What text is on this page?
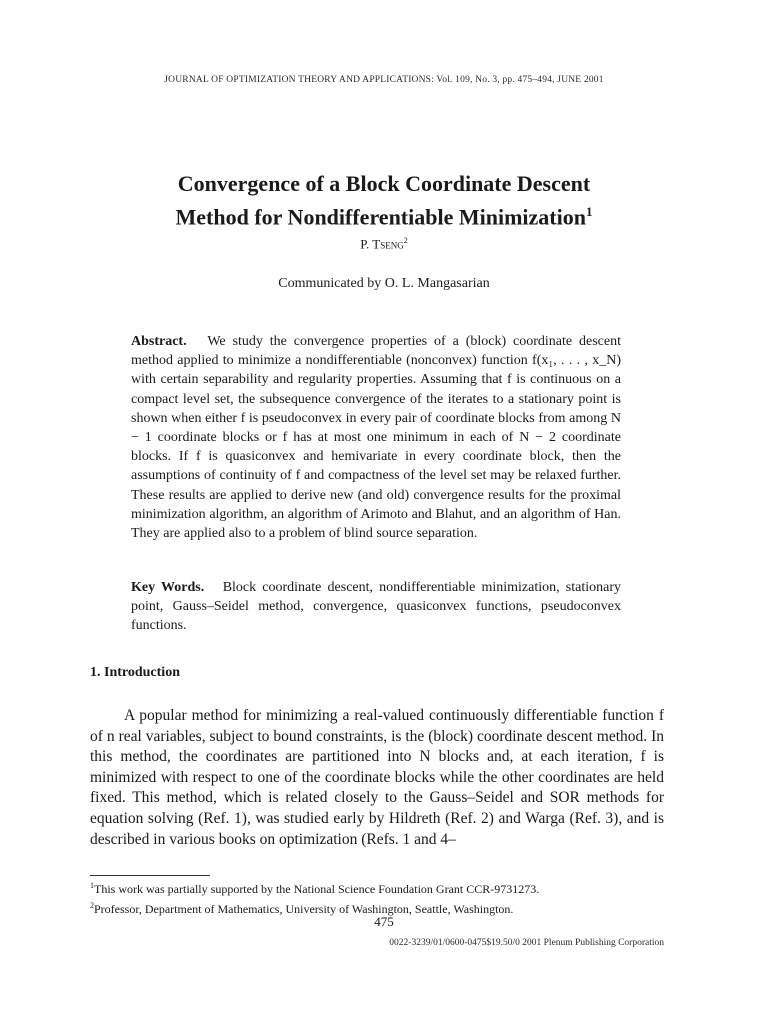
JOURNAL OF OPTIMIZATION THEORY AND APPLICATIONS: Vol. 109, No. 3, pp. 475–494, JUNE 2001
Convergence of a Block Coordinate Descent
Method for Nondifferentiable Minimization$^1$
P. Tseng$^2$
Communicated by O. L. Mangasarian
Abstract. We study the convergence properties of a (block) coordinate descent method applied to minimize a nondifferentiable (nonconvex) function f(x₁, . . . , x_N) with certain separability and regularity properties. Assuming that f is continuous on a compact level set, the subsequence convergence of the iterates to a stationary point is shown when either f is pseudoconvex in every pair of coordinate blocks from among N − 1 coordinate blocks or f has at most one minimum in each of N − 2 coordinate blocks. If f is quasiconvex and hemivariate in every coordinate block, then the assumptions of continuity of f and compactness of the level set may be relaxed further. These results are applied to derive new (and old) convergence results for the proximal minimization algorithm, an algorithm of Arimoto and Blahut, and an algorithm of Han. They are applied also to a problem of blind source separation.
Key Words. Block coordinate descent, nondifferentiable minimization, stationary point, Gauss–Seidel method, convergence, quasiconvex functions, pseudoconvex functions.
1. Introduction
A popular method for minimizing a real-valued continuously differentiable function f of n real variables, subject to bound constraints, is the (block) coordinate descent method. In this method, the coordinates are partitioned into N blocks and, at each iteration, f is minimized with respect to one of the coordinate blocks while the other coordinates are held fixed. This method, which is related closely to the Gauss–Seidel and SOR methods for equation solving (Ref. 1), was studied early by Hildreth (Ref. 2) and Warga (Ref. 3), and is described in various books on optimization (Refs. 1 and 4–
$^1$This work was partially supported by the National Science Foundation Grant CCR-9731273.
$^2$Professor, Department of Mathematics, University of Washington, Seattle, Washington.
475
0022-3239/01/0600-0475$19.50/0 2001 Plenum Publishing Corporation
